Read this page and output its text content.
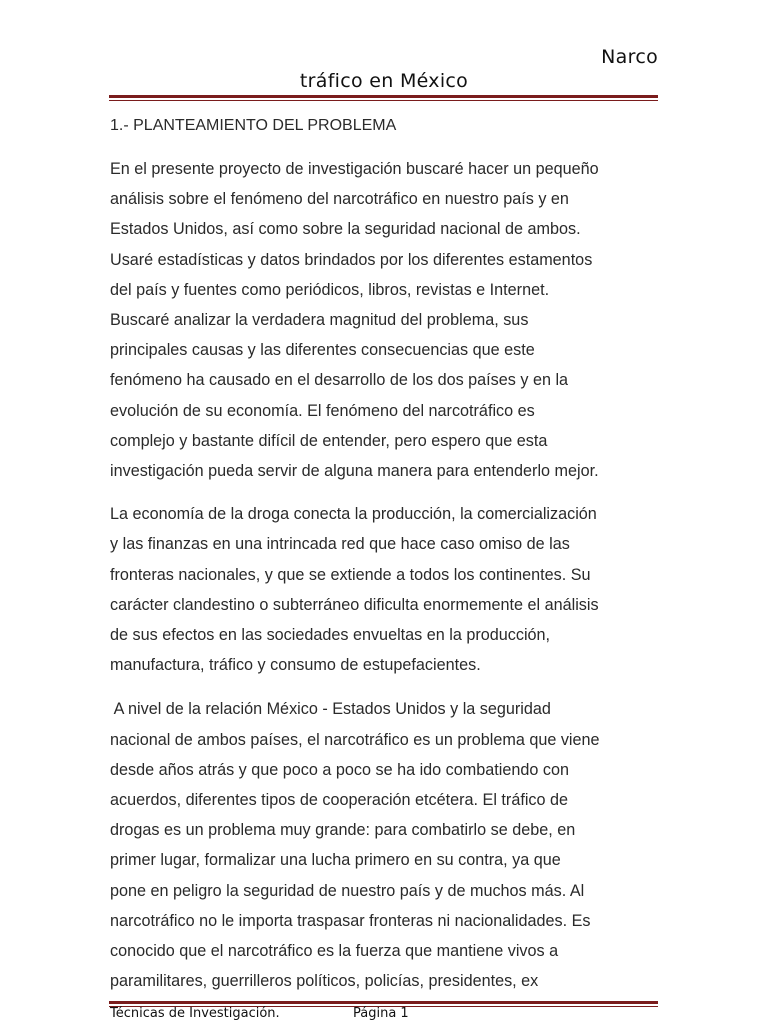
Narco
tráfico en México
1.- PLANTEAMIENTO DEL PROBLEMA

En el presente proyecto de investigación buscaré hacer un pequeño
análisis sobre el fenómeno del narcotráfico en nuestro país y en
Estados Unidos, así como sobre la seguridad nacional de ambos.
Usaré estadísticas y datos brindados por los diferentes estamentos
del país y fuentes como periódicos, libros, revistas e Internet.
Buscaré analizar la verdadera magnitud del problema, sus
principales causas y las diferentes consecuencias que este
fenómeno ha causado en el desarrollo de los dos países y en la
evolución de su economía. El fenómeno del narcotráfico es
complejo y bastante difícil de entender, pero espero que esta
investigación pueda servir de alguna manera para entenderlo mejor.

La economía de la droga conecta la producción, la comercialización
y las finanzas en una intrincada red que hace caso omiso de las
fronteras nacionales, y que se extiende a todos los continentes. Su
carácter clandestino o subterráneo dificulta enormemente el análisis
de sus efectos en las sociedades envueltas en la producción,
manufactura, tráfico y consumo de estupefacientes.

A nivel de la relación México - Estados Unidos y la seguridad
nacional de ambos países, el narcotráfico es un problema que viene
desde años atrás y que poco a poco se ha ido combatiendo con
acuerdos, diferentes tipos de cooperación etcétera. El tráfico de
drogas es un problema muy grande: para combatirlo se debe, en
primer lugar, formalizar una lucha primero en su contra, ya que
pone en peligro la seguridad de nuestro país y de muchos más. Al
narcotráfico no le importa traspasar fronteras ni nacionalidades. Es
conocido que el narcotráfico es la fuerza que mantiene vivos a
paramilitares, guerrilleros políticos, policías, presidentes, ex

Técnicas de Investigación.	Página 1
